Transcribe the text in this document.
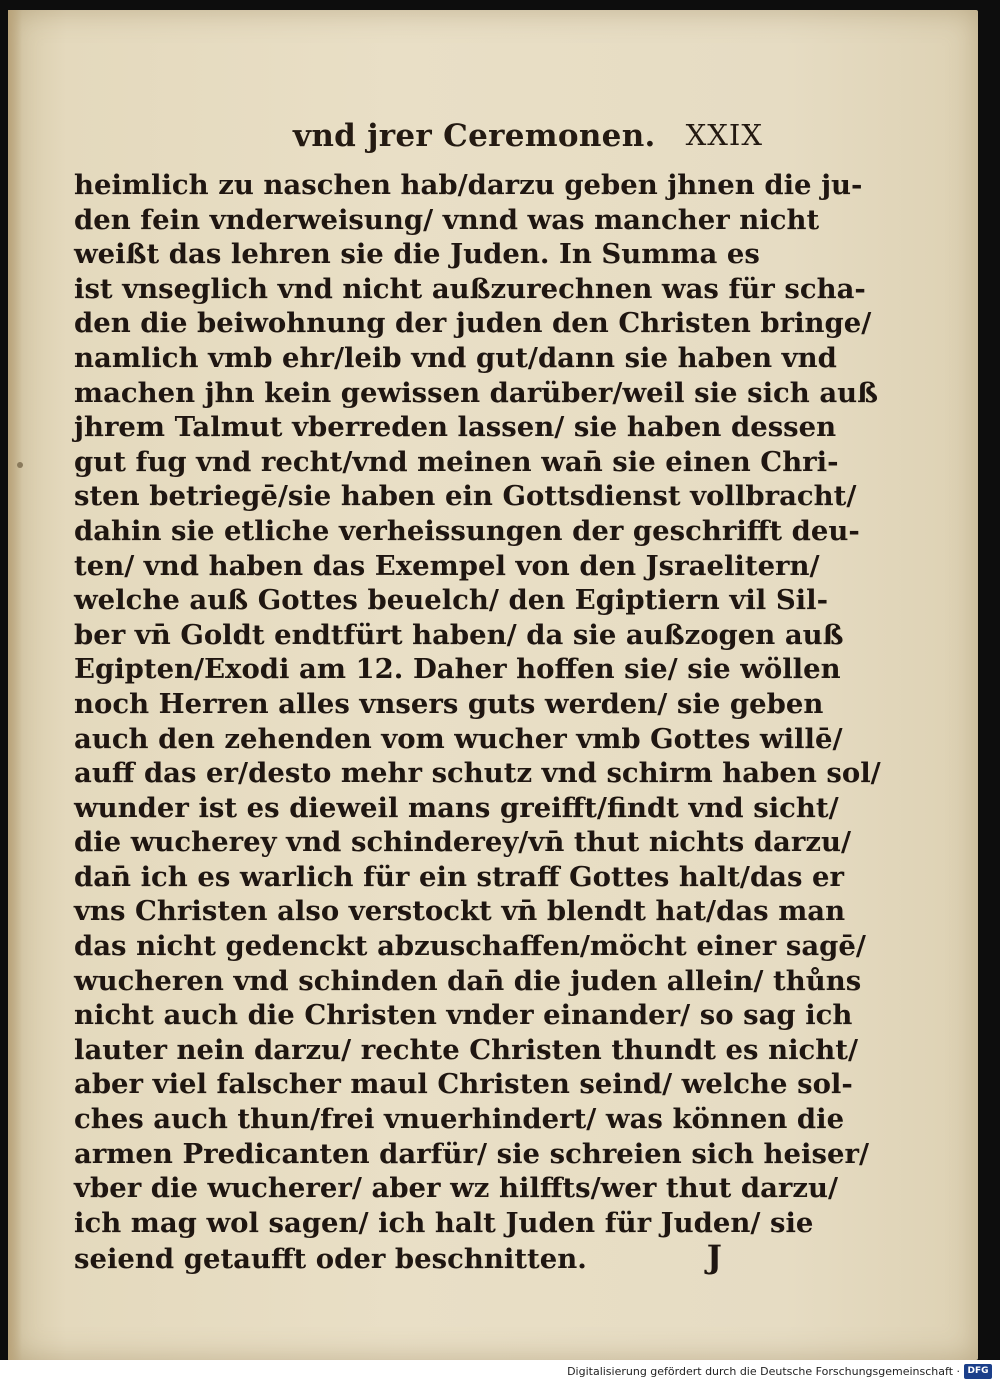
vnd jrer Ceremonen. XXIX
heimlich zu naschen hab/darzu geben jhnen die ju-
den fein vnderweisung/ vnnd was mancher nicht
weißt das lehren sie die Juden. In Summa es
ist vnseglich vnd nicht außzurechnen was für scha-
den die beiwohnung der juden den Christen bringe/
namlich vmb ehr/leib vnd gut/dann sie haben vnd
machen jhn kein gewissen darüber/weil sie sich auß
jhrem Talmut vberreden lassen/ sie haben dessen
gut fug vnd recht/vnd meinen wan̄ sie einen Chri-
sten betriegē/sie haben ein Gottsdienst vollbracht/
dahin sie etliche verheissungen der geschrifft deu-
ten/ vnd haben das Exempel von den Jsraelitern/
welche auß Gottes beuelch/ den Egiptiern vil Sil-
ber vn̄ Goldt endtfürt haben/ da sie außzogen auß
Egipten/Exodi am 12. Daher hoffen sie/ sie wöllen
noch Herren alles vnsers guts werden/ sie geben
auch den zehenden vom wucher vmb Gottes willē/
auff das er/desto mehr schutz vnd schirm haben sol/
wunder ist es dieweil mans greifft/findt vnd sicht/
die wucherey vnd schinderey/vn̄ thut nichts darzu/
dan̄ ich es warlich für ein straff Gottes halt/das er
vns Christen also verstockt vn̄ blendt hat/das man
das nicht gedenckt abzuschaffen/möcht einer sagē/
wucheren vnd schinden dan̄ die juden allein/ thůns
nicht auch die Christen vnder einander/ so sag ich
lauter nein darzu/ rechte Christen thundt es nicht/
aber viel falscher maul Christen seind/ welche sol-
ches auch thun/frei vnuerhindert/ was können die
armen Predicanten darfür/ sie schreien sich heiser/
vber die wucherer/ aber wz hilffts/wer thut darzu/
ich mag wol sagen/ ich halt Juden für Juden/ sie
seiend getaufft oder beschnitten.	J
Digitalisierung gefördert durch die Deutsche Forschungsgemeinschaft · DFG
